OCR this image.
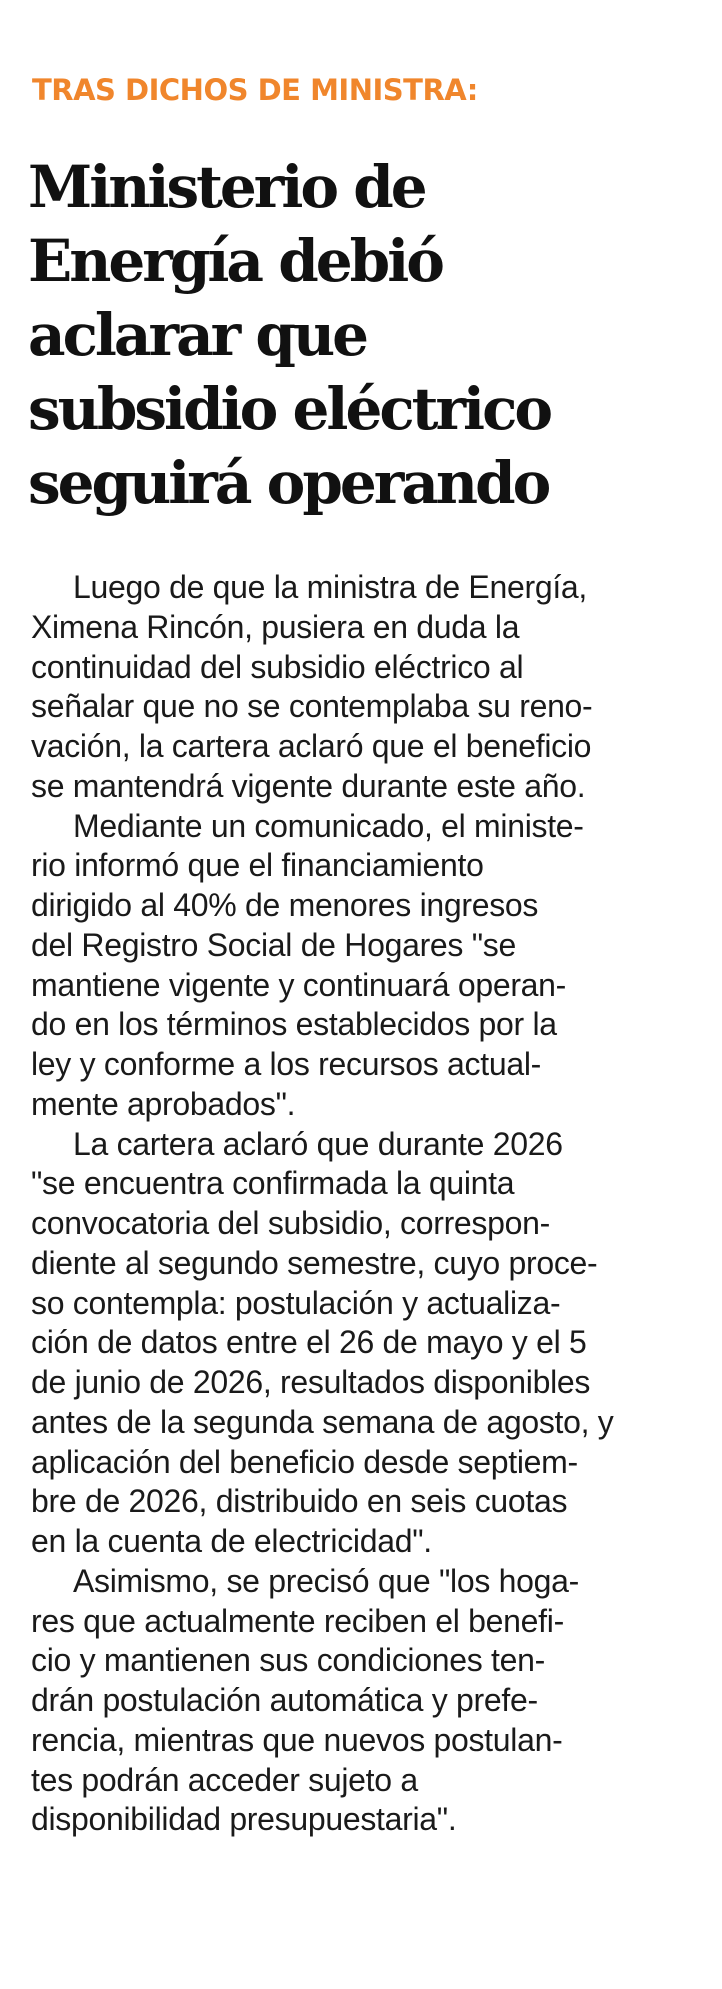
TRAS DICHOS DE MINISTRA:
Ministerio de
Energía debió
aclarar que
subsidio eléctrico
seguirá operando
Luego de que la ministra de Energía,
Ximena Rincón, pusiera en duda la
continuidad del subsidio eléctrico al
señalar que no se contemplaba su reno-
vación, la cartera aclaró que el beneficio
se mantendrá vigente durante este año.
Mediante un comunicado, el ministe-
rio informó que el financiamiento
dirigido al 40% de menores ingresos
del Registro Social de Hogares "se
mantiene vigente y continuará operan-
do en los términos establecidos por la
ley y conforme a los recursos actual-
mente aprobados".
La cartera aclaró que durante 2026
"se encuentra confirmada la quinta
convocatoria del subsidio, correspon-
diente al segundo semestre, cuyo proce-
so contempla: postulación y actualiza-
ción de datos entre el 26 de mayo y el 5
de junio de 2026, resultados disponibles
antes de la segunda semana de agosto, y
aplicación del beneficio desde septiem-
bre de 2026, distribuido en seis cuotas
en la cuenta de electricidad".
Asimismo, se precisó que "los hoga-
res que actualmente reciben el benefi-
cio y mantienen sus condiciones ten-
drán postulación automática y prefe-
rencia, mientras que nuevos postulan-
tes podrán acceder sujeto a
disponibilidad presupuestaria".
